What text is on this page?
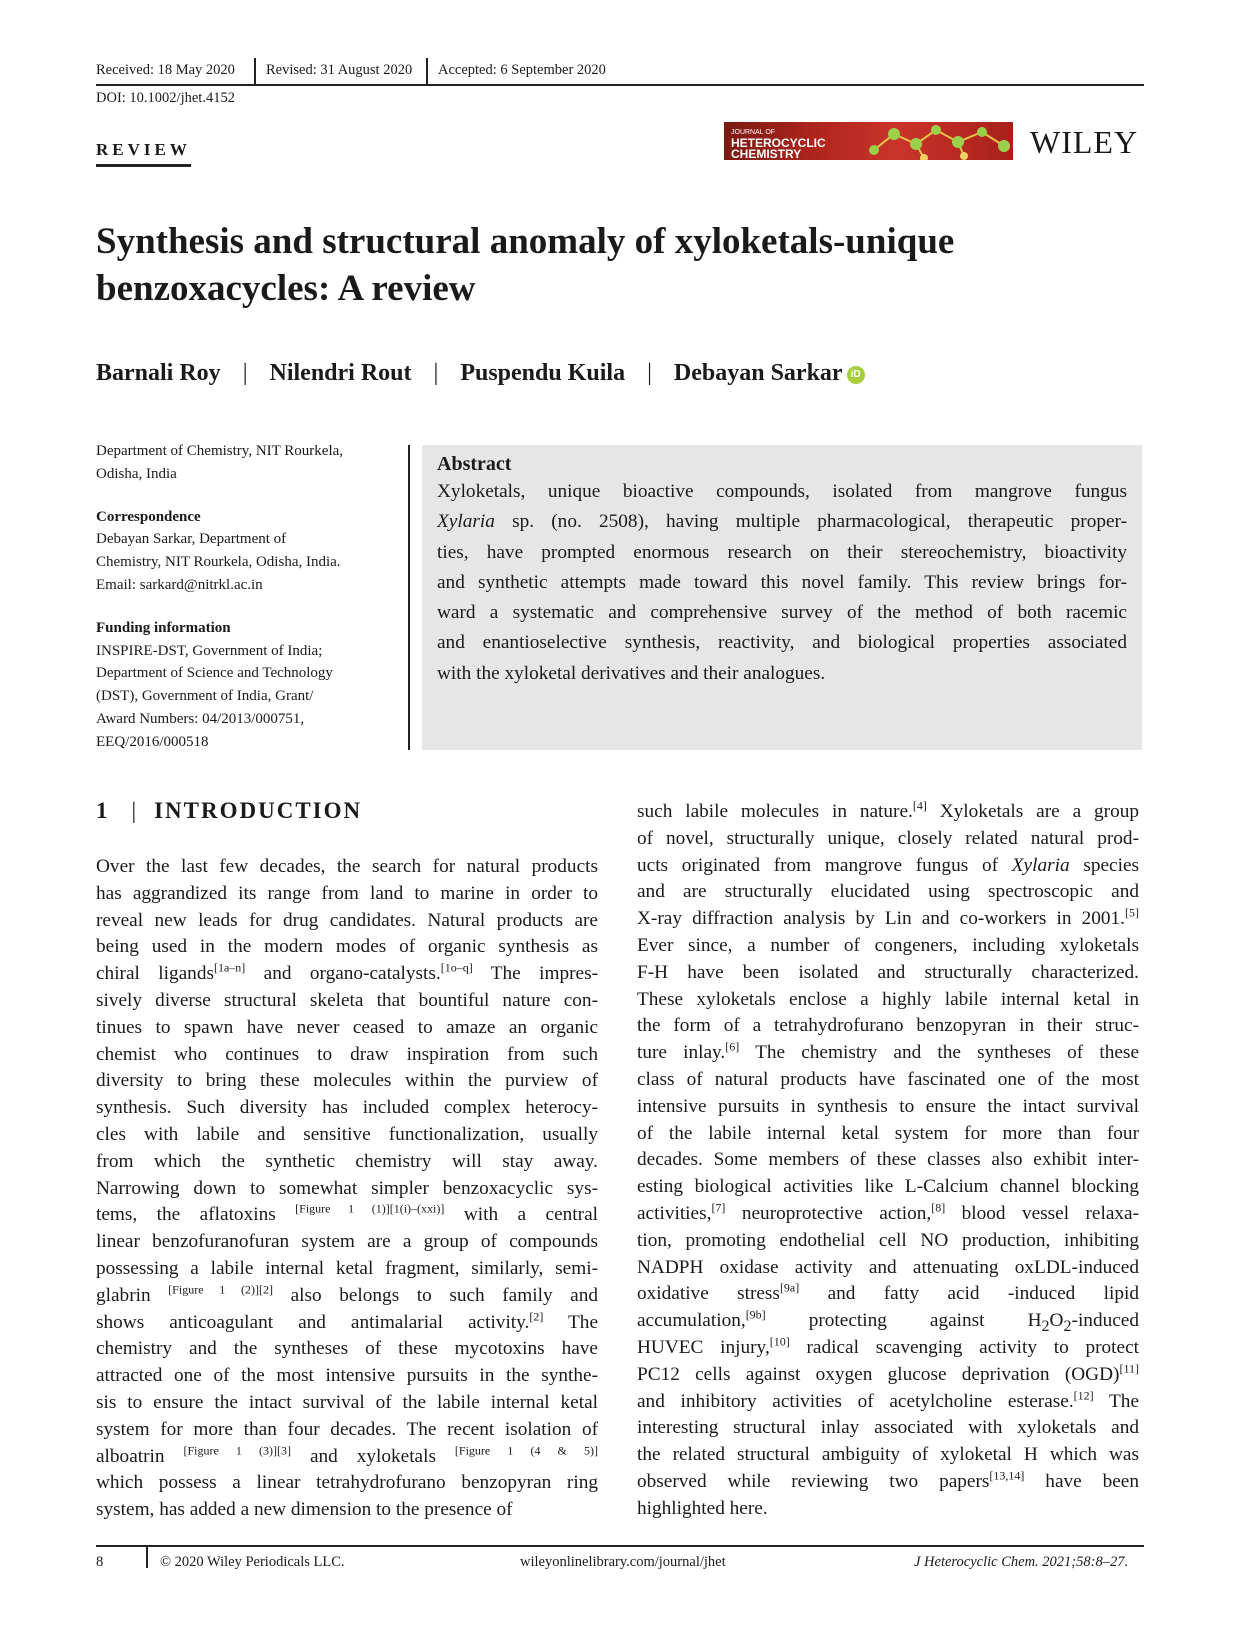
Received: 18 May 2020 Revised: 31 August 2020 Accepted: 6 September 2020
DOI: 10.1002/jhet.4152
REVIEW
JOURNAL OF
HETEROCYCLIC
CHEMISTRY	WILEY
Synthesis and structural anomaly of xyloketals-unique benzoxacycles: A review
Barnali Roy | Nilendri Rout | Puspendu Kuila | Debayan Sarkar iD
Department of Chemistry, NIT Rourkela,
Odisha, India
Correspondence
Debayan Sarkar, Department of
Chemistry, NIT Rourkela, Odisha, India.
Email: sarkard@nitrkl.ac.in
Funding information
INSPIRE-DST, Government of India;
Department of Science and Technology
(DST), Government of India, Grant/
Award Numbers: 04/2013/000751,
EEQ/2016/000518
Abstract
Xyloketals, unique bioactive compounds, isolated from mangrove fungus
Xylaria sp. (no. 2508), having multiple pharmacological, therapeutic proper-
ties, have prompted enormous research on their stereochemistry, bioactivity
and synthetic attempts made toward this novel family. This review brings for-
ward a systematic and comprehensive survey of the method of both racemic
and enantioselective synthesis, reactivity, and biological properties associated
with the xyloketal derivatives and their analogues.
1 | INTRODUCTION
Over the last few decades, the search for natural products
has aggrandized its range from land to marine in order to
reveal new leads for drug candidates. Natural products are
being used in the modern modes of organic synthesis as
chiral ligands[1a–n] and organo-catalysts.[1o–q] The impres-
sively diverse structural skeleta that bountiful nature con-
tinues to spawn have never ceased to amaze an organic
chemist who continues to draw inspiration from such
diversity to bring these molecules within the purview of
synthesis. Such diversity has included complex heterocy-
cles with labile and sensitive functionalization, usually
from which the synthetic chemistry will stay away.
Narrowing down to somewhat simpler benzoxacyclic sys-
tems, the aflatoxins [Figure 1 (1)][1(i)–(xxi)] with a central
linear benzofuranofuran system are a group of compounds
possessing a labile internal ketal fragment, similarly, semi-
glabrin [Figure 1 (2)][2] also belongs to such family and
shows anticoagulant and antimalarial activity.[2] The
chemistry and the syntheses of these mycotoxins have
attracted one of the most intensive pursuits in the synthe-
sis to ensure the intact survival of the labile internal ketal
system for more than four decades. The recent isolation of
alboatrin [Figure 1 (3)][3] and xyloketals [Figure 1 (4 & 5)]
which possess a linear tetrahydrofurano benzopyran ring
system, has added a new dimension to the presence of
such labile molecules in nature.[4] Xyloketals are a group
of novel, structurally unique, closely related natural prod-
ucts originated from mangrove fungus of Xylaria species
and are structurally elucidated using spectroscopic and
X-ray diffraction analysis by Lin and co-workers in 2001.[5]
Ever since, a number of congeners, including xyloketals
F-H have been isolated and structurally characterized.
These xyloketals enclose a highly labile internal ketal in
the form of a tetrahydrofurano benzopyran in their struc-
ture inlay.[6] The chemistry and the syntheses of these
class of natural products have fascinated one of the most
intensive pursuits in synthesis to ensure the intact survival
of the labile internal ketal system for more than four
decades. Some members of these classes also exhibit inter-
esting biological activities like L-Calcium channel blocking
activities,[7] neuroprotective action,[8] blood vessel relaxa-
tion, promoting endothelial cell NO production, inhibiting
NADPH oxidase activity and attenuating oxLDL-induced
oxidative stress[9a] and fatty acid -induced lipid
accumulation,[9b] protecting against $H_2O_2$-induced
HUVEC injury,[10] radical scavenging activity to protect
PC12 cells against oxygen glucose deprivation (OGD)[11]
and inhibitory activities of acetylcholine esterase.[12] The
interesting structural inlay associated with xyloketals and
the related structural ambiguity of xyloketal H which was
observed while reviewing two papers[13,14] have been
highlighted here.
8	© 2020 Wiley Periodicals LLC.	wileyonlinelibrary.com/journal/jhet	J Heterocyclic Chem. 2021;58:8–27.
